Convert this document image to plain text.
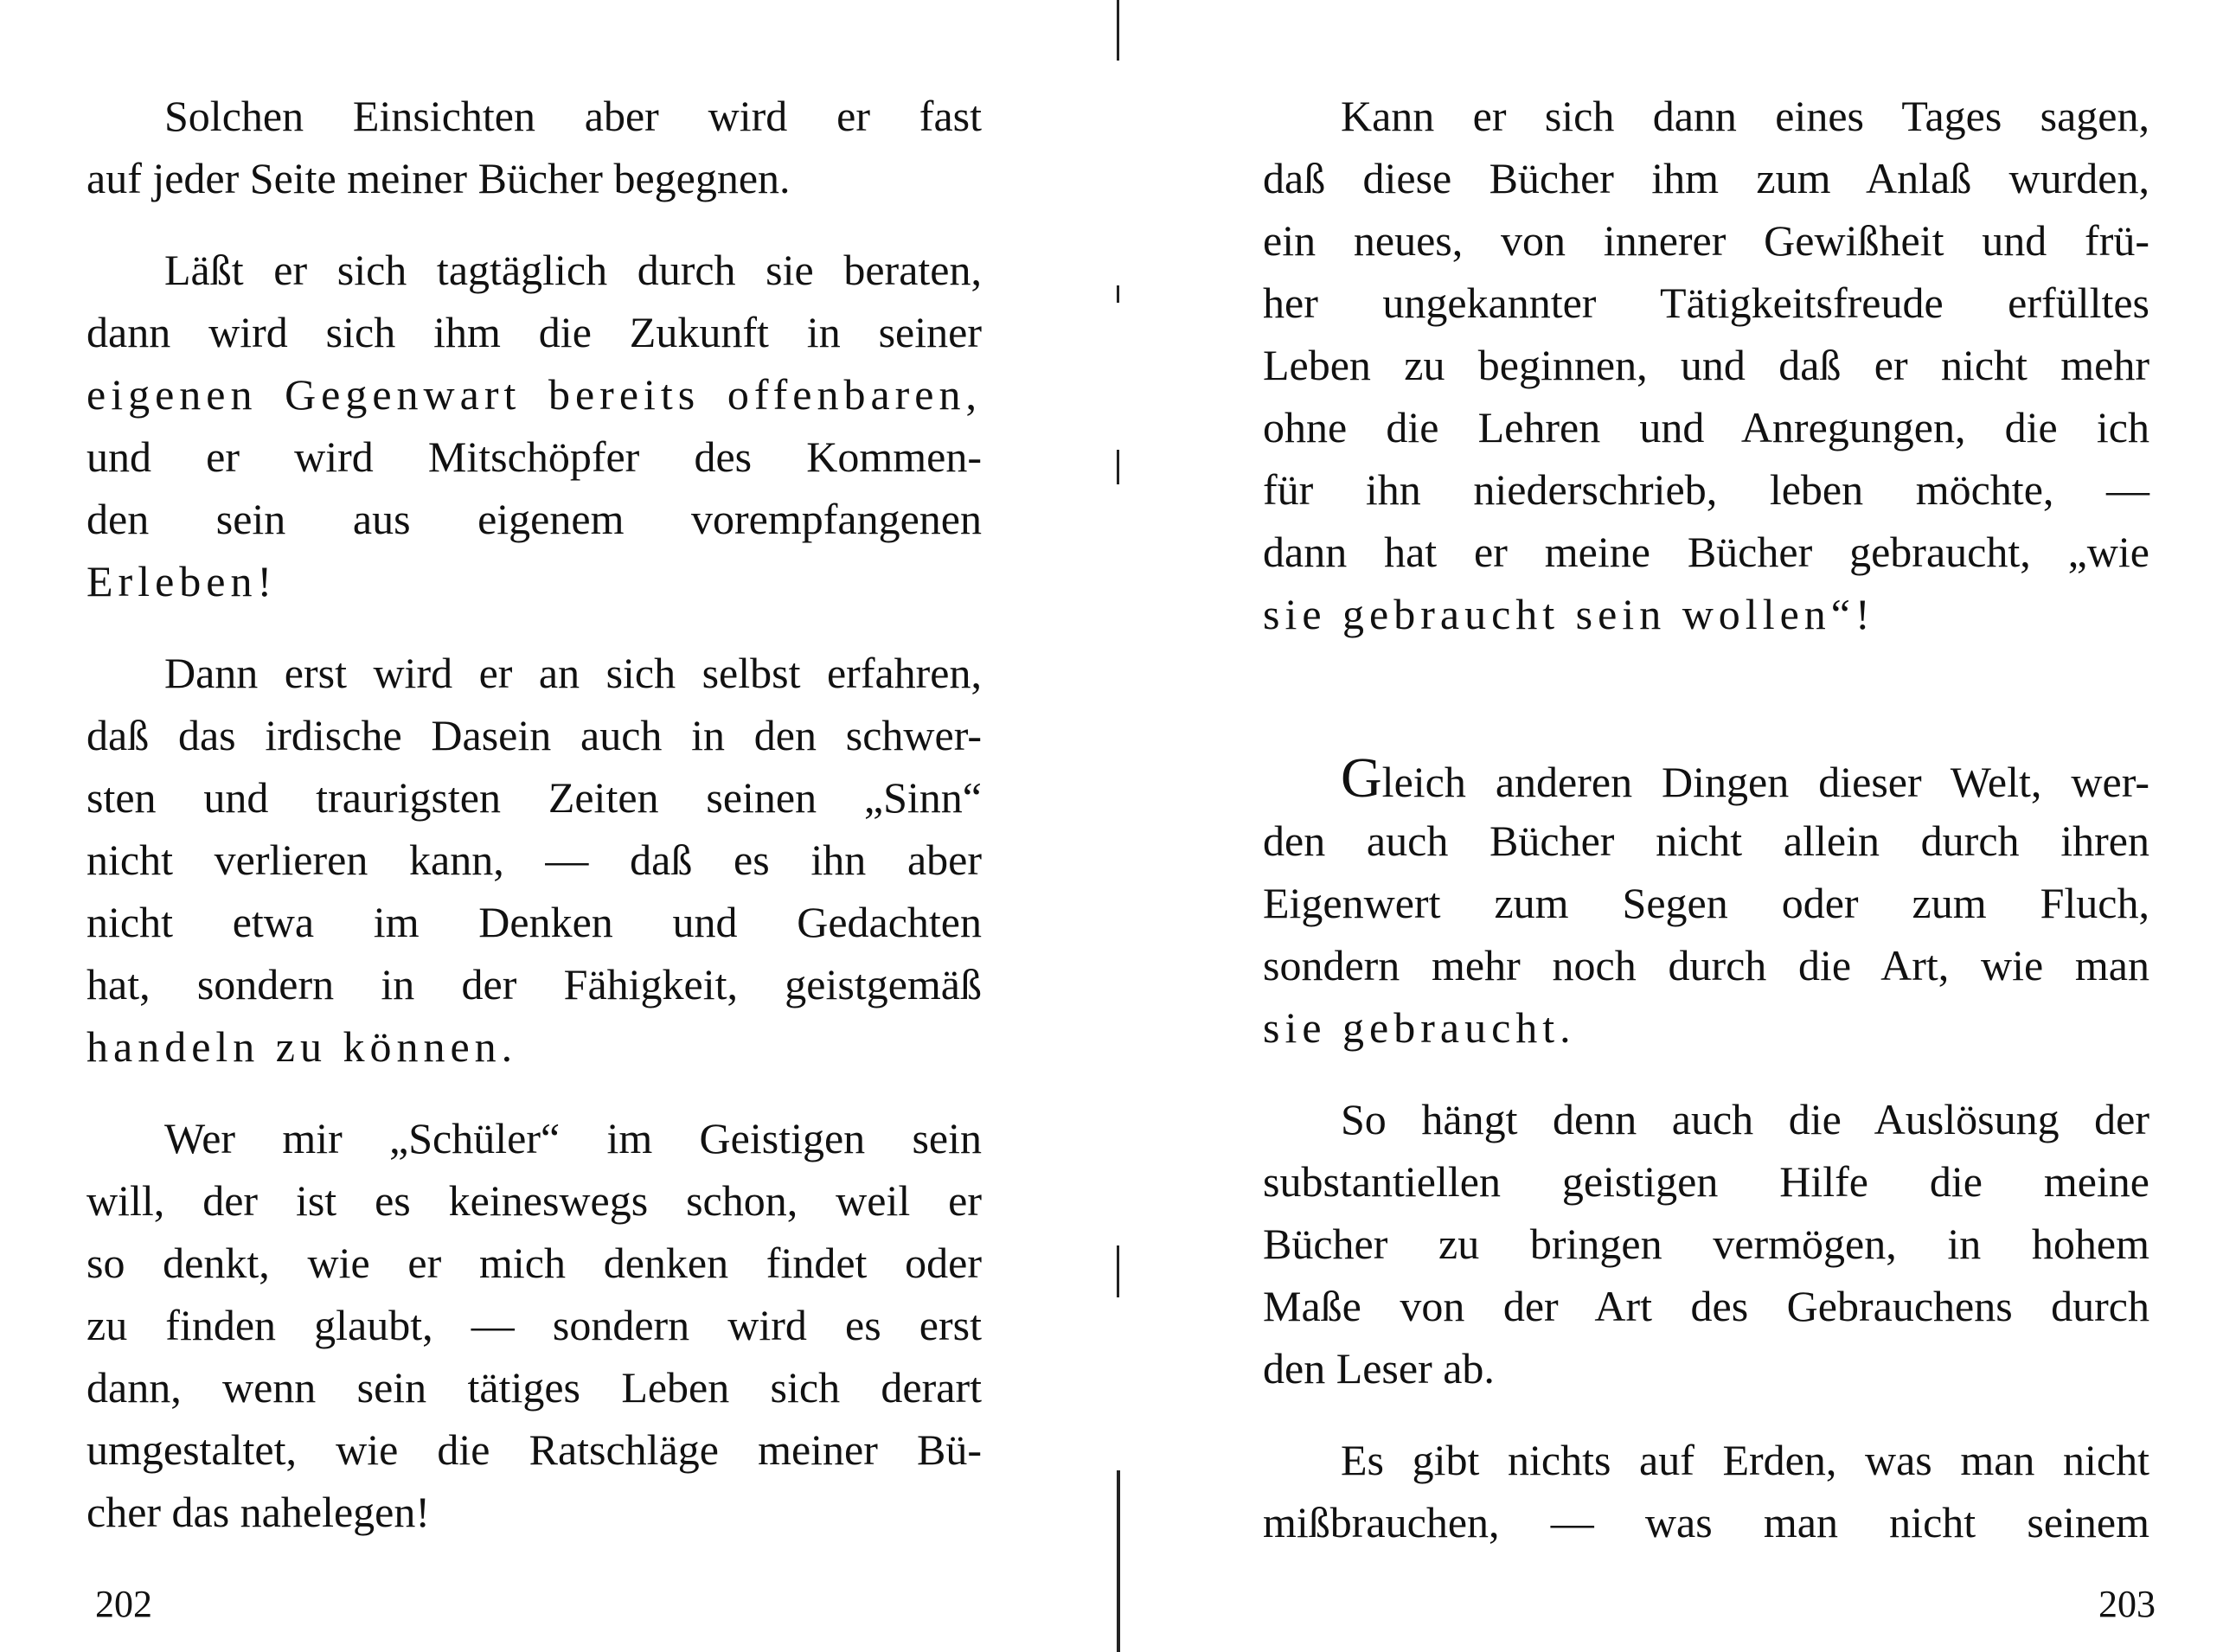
Solchen Einsichten aber wird er fast
auf jeder Seite meiner Bücher begegnen.
Läßt er sich tagtäglich durch sie beraten,
dann wird sich ihm die Zukunft in seiner
eigenen Gegenwart bereits offenbaren,
und er wird Mitschöpfer des Kommen-
den sein aus eigenem vorempfangenen
Erleben!
Dann erst wird er an sich selbst erfahren,
daß das irdische Dasein auch in den schwer-
sten und traurigsten Zeiten seinen „Sinn“
nicht verlieren kann, — daß es ihn aber
nicht etwa im Denken und Gedachten
hat, sondern in der Fähigkeit, geistgemäß
handeln zu können.
Wer mir „Schüler“ im Geistigen sein
will, der ist es keineswegs schon, weil er
so denkt, wie er mich denken findet oder
zu finden glaubt, — sondern wird es erst
dann, wenn sein tätiges Leben sich derart
umgestaltet, wie die Ratschläge meiner Bü-
cher das nahelegen!
202
Kann er sich dann eines Tages sagen,
daß diese Bücher ihm zum Anlaß wurden,
ein neues, von innerer Gewißheit und frü-
her ungekannter Tätigkeitsfreude erfülltes
Leben zu beginnen, und daß er nicht mehr
ohne die Lehren und Anregungen, die ich
für ihn niederschrieb, leben möchte, —
dann hat er meine Bücher gebraucht, „wie
sie gebraucht sein wollen“!
Gleich anderen Dingen dieser Welt, wer-
den auch Bücher nicht allein durch ihren
Eigenwert zum Segen oder zum Fluch,
sondern mehr noch durch die Art, wie man
sie gebraucht.
So hängt denn auch die Auslösung der
substantiellen geistigen Hilfe die meine
Bücher zu bringen vermögen, in hohem
Maße von der Art des Gebrauchens durch
den Leser ab.
Es gibt nichts auf Erden, was man nicht
mißbrauchen, — was man nicht seinem
203
